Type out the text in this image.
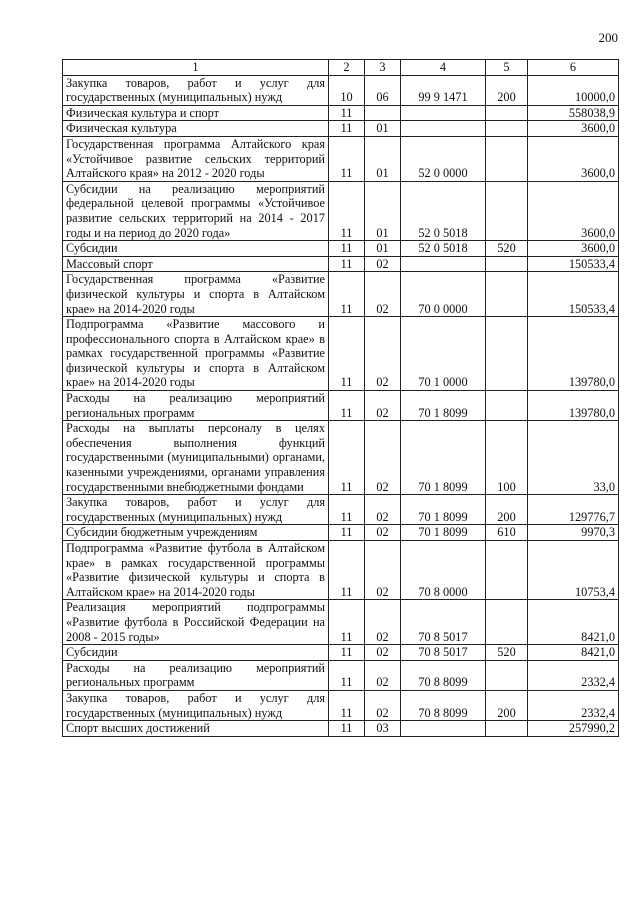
200
1	2	3	4	5	6
Закупка товаров, работ и услуг для государственных (муниципальных) нужд	10	06	99 9 1471	200	10000,0
Физическая культура и спорт	11				558038,9
Физическая культура	11	01			3600,0
Государственная программа Алтайского края «Устойчивое развитие сельских территорий Алтайского края» на 2012 - 2020 годы	11	01	52 0 0000		3600,0
Субсидии на реализацию мероприятий федеральной целевой программы «Устойчивое развитие сельских территорий на 2014 - 2017 годы и на период до 2020 года»	11	01	52 0 5018		3600,0
Субсидии	11	01	52 0 5018	520	3600,0
Массовый спорт	11	02			150533,4
Государственная программа «Развитие физической культуры и спорта в Алтайском крае» на 2014-2020 годы	11	02	70 0 0000		150533,4
Подпрограмма «Развитие массового и профессионального спорта в Алтайском крае» в рамках государственной программы «Развитие физической культуры и спорта в Алтайском крае» на 2014-2020 годы	11	02	70 1 0000		139780,0
Расходы на реализацию мероприятий региональных программ	11	02	70 1 8099		139780,0
Расходы на выплаты персоналу в целях обеспечения выполнения функций государственными (муниципальными) органами, казенными учреждениями, органами управления государственными внебюджетными фондами	11	02	70 1 8099	100	33,0
Закупка товаров, работ и услуг для государственных (муниципальных) нужд	11	02	70 1 8099	200	129776,7
Субсидии бюджетным учреждениям	11	02	70 1 8099	610	9970,3
Подпрограмма «Развитие футбола в Алтайском крае» в рамках государственной программы «Развитие физической культуры и спорта в Алтайском крае» на 2014-2020 годы	11	02	70 8 0000		10753,4
Реализация мероприятий подпрограммы «Развитие футбола в Российской Федерации на 2008 - 2015 годы»	11	02	70 8 5017		8421,0
Субсидии	11	02	70 8 5017	520	8421,0
Расходы на реализацию мероприятий региональных программ	11	02	70 8 8099		2332,4
Закупка товаров, работ и услуг для государственных (муниципальных) нужд	11	02	70 8 8099	200	2332,4
Спорт высших достижений	11	03			257990,2
